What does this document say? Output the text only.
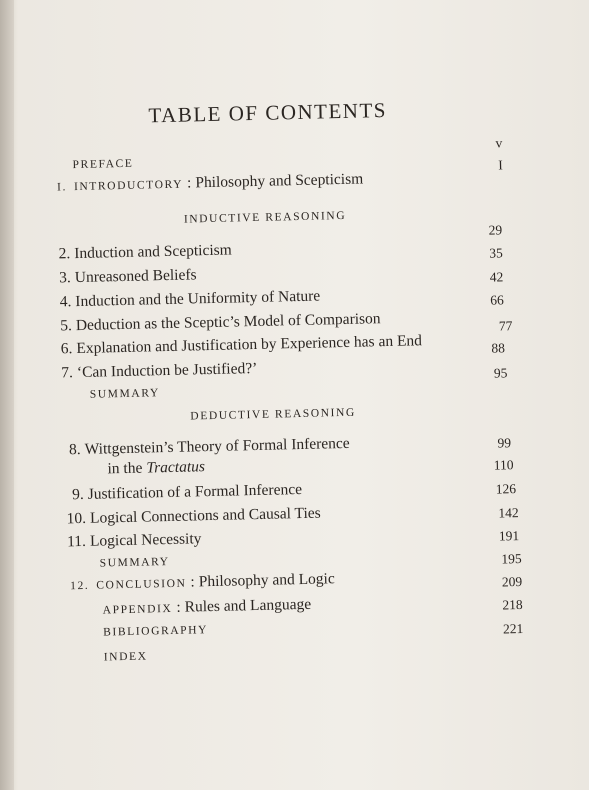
TABLE OF CONTENTS
PREFACE
v
I. INTRODUCTORY : Philosophy and Scepticism
I
INDUCTIVE REASONING
2. Induction and Scepticism
29
3. Unreasoned Beliefs
35
4. Induction and the Uniformity of Nature
42
5. Deduction as the Sceptic’s Model of Comparison
66
6. Explanation and Justification by Experience has an End
77
7. ‘Can Induction be Justified?’
88
SUMMARY
95
DEDUCTIVE REASONING
8. Wittgenstein’s Theory of Formal Inference
in the Tractatus
99
9. Justification of a Formal Inference
110
10. Logical Connections and Causal Ties
126
11. Logical Necessity
142
SUMMARY
191
12. CONCLUSION : Philosophy and Logic
195
APPENDIX : Rules and Language
209
BIBLIOGRAPHY
218
INDEX
221
